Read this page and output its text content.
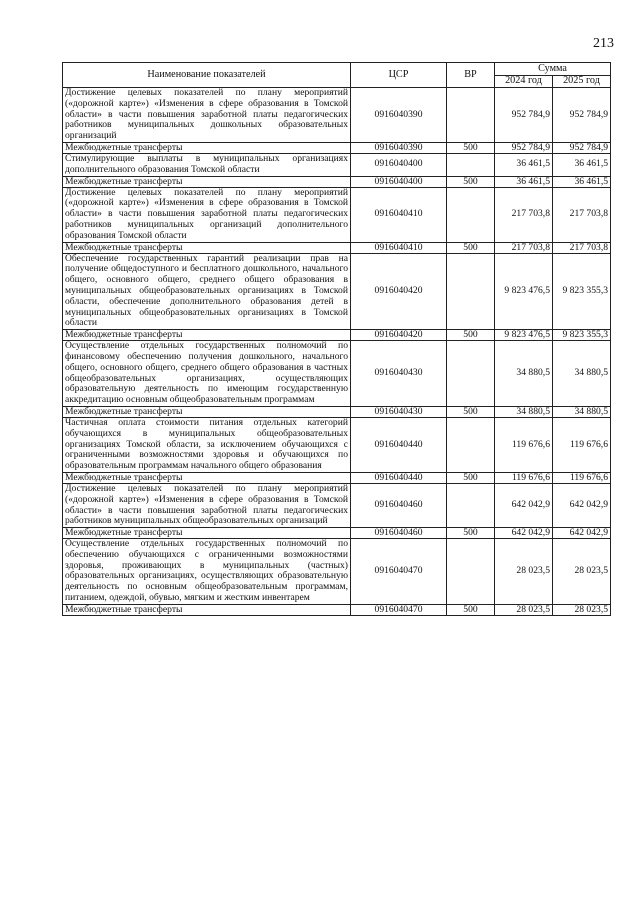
213
Наименование показателей	ЦСР	ВР	Сумма	
			2024 год	2025 год
Достижение целевых показателей по плану мероприятий («дорожной карте») «Изменения в сфере образования в Томской области» в части повышения заработной платы педагогических работников муниципальных дошкольных образовательных организаций	0916040390		952 784,9	952 784,9
Межбюджетные трансферты	0916040390	500	952 784,9	952 784,9
Стимулирующие выплаты в муниципальных организациях дополнительного образования Томской области	0916040400		36 461,5	36 461,5
Межбюджетные трансферты	0916040400	500	36 461,5	36 461,5
Достижение целевых показателей по плану мероприятий («дорожной карте») «Изменения в сфере образования в Томской области» в части повышения заработной платы педагогических работников муниципальных организаций дополнительного образования Томской области	0916040410		217 703,8	217 703,8
Межбюджетные трансферты	0916040410	500	217 703,8	217 703,8
Обеспечение государственных гарантий реализации прав на получение общедоступного и бесплатного дошкольного, начального общего, основного общего, среднего общего образования в муниципальных общеобразовательных организациях в Томской области, обеспечение дополнительного образования детей в муниципальных общеобразовательных организациях в Томской области	0916040420		9 823 476,5	9 823 355,3
Межбюджетные трансферты	0916040420	500	9 823 476,5	9 823 355,3
Осуществление отдельных государственных полномочий по финансовому обеспечению получения дошкольного, начального общего, основного общего, среднего общего образования в частных общеобразовательных организациях, осуществляющих образовательную деятельность по имеющим государственную аккредитацию основным общеобразовательным программам	0916040430		34 880,5	34 880,5
Межбюджетные трансферты	0916040430	500	34 880,5	34 880,5
Частичная оплата стоимости питания отдельных категорий обучающихся в муниципальных общеобразовательных организациях Томской области, за исключением обучающихся с ограниченными возможностями здоровья и обучающихся по образовательным программам начального общего образования	0916040440		119 676,6	119 676,6
Межбюджетные трансферты	0916040440	500	119 676,6	119 676,6
Достижение целевых показателей по плану мероприятий («дорожной карте») «Изменения в сфере образования в Томской области» в части повышения заработной платы педагогических работников муниципальных общеобразовательных организаций	0916040460		642 042,9	642 042,9
Межбюджетные трансферты	0916040460	500	642 042,9	642 042,9
Осуществление отдельных государственных полномочий по обеспечению обучающихся с ограниченными возможностями здоровья, проживающих в муниципальных (частных) образовательных организациях, осуществляющих образовательную деятельность по основным общеобразовательным программам, питанием, одеждой, обувью, мягким и жестким инвентарем	0916040470		28 023,5	28 023,5
Межбюджетные трансферты	0916040470	500	28 023,5	28 023,5
